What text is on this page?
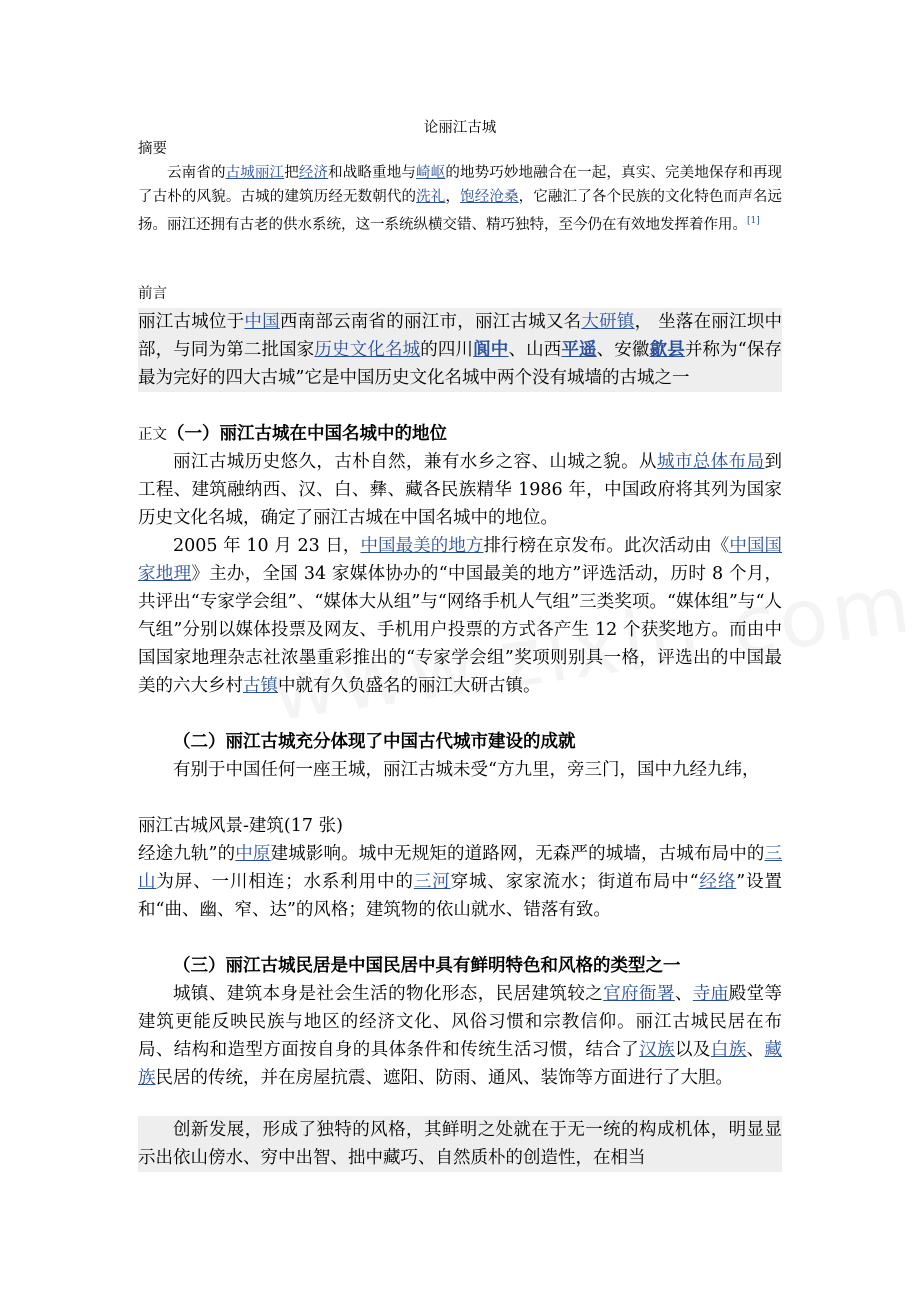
论丽江古城
摘要
云南省的古城丽江把经济和战略重地与崎岖的地势巧妙地融合在一起，真实、完美地保存和再现了古朴的风貌。古城的建筑历经无数朝代的洗礼，饱经沧桑，它融汇了各个民族的文化特色而声名远扬。丽江还拥有古老的供水系统，这一系统纵横交错、精巧独特，至今仍在有效地发挥着作用。[1]
前言
丽江古城位于中国西南部云南省的丽江市，丽江古城又名大研镇， 坐落在丽江坝中部，与同为第二批国家历史文化名城的四川阆中、山西平遥、安徽歙县并称为“保存最为完好的四大古城”它是中国历史文化名城中两个没有城墙的古城之一
正文（一）丽江古城在中国名城中的地位
丽江古城历史悠久，古朴自然，兼有水乡之容、山城之貌。从城市总体布局到工程、建筑融纳西、汉、白、彝、藏各民族精华 1986 年，中国政府将其列为国家历史文化名城，确定了丽江古城在中国名城中的地位。
2005 年 10 月 23 日，中国最美的地方排行榜在京发布。此次活动由《中国国家地理》主办，全国 34 家媒体协办的“中国最美的地方”评选活动，历时 8 个月，共评出“专家学会组”、“媒体大从组”与“网络手机人气组”三类奖项。“媒体组”与“人气组”分别以媒体投票及网友、手机用户投票的方式各产生 12 个获奖地方。而由中国国家地理杂志社浓墨重彩推出的“专家学会组”奖项则别具一格，评选出的中国最美的六大乡村古镇中就有久负盛名的丽江大研古镇。
（二）丽江古城充分体现了中国古代城市建设的成就
有别于中国任何一座王城，丽江古城未受“方九里，旁三门，国中九经九纬，
丽江古城风景-建筑(17 张)
经途九轨”的中原建城影响。城中无规矩的道路网，无森严的城墙，古城布局中的三山为屏、一川相连；水系利用中的三河穿城、家家流水；街道布局中“经络”设置和“曲、幽、窄、达”的风格；建筑物的依山就水、错落有致。
（三）丽江古城民居是中国民居中具有鲜明特色和风格的类型之一
城镇、建筑本身是社会生活的物化形态，民居建筑较之官府衙署、寺庙殿堂等建筑更能反映民族与地区的经济文化、风俗习惯和宗教信仰。丽江古城民居在布局、结构和造型方面按自身的具体条件和传统生活习惯，结合了汉族以及白族、藏族民居的传统，并在房屋抗震、遮阳、防雨、通风、装饰等方面进行了大胆。
创新发展，形成了独特的风格，其鲜明之处就在于无一统的构成机体，明显显示出依山傍水、穷中出智、拙中藏巧、自然质朴的创造性，在相当
